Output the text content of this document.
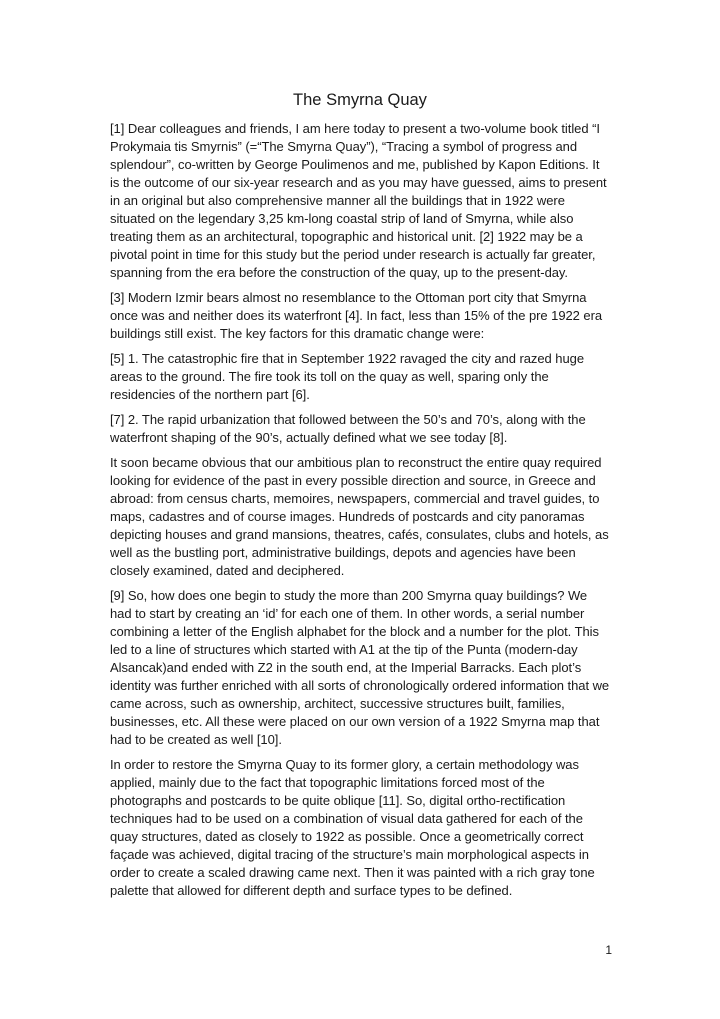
The Smyrna Quay

[1] Dear colleagues and friends, I am here today to present a two-volume book titled “I Prokymaia tis Smyrnis” (=“The Smyrna Quay”), “Tracing a symbol of progress and splendour”, co-written by George Poulimenos and me, published by Kapon Editions. It is the outcome of our six-year research and as you may have guessed, aims to present in an original but also comprehensive manner all the buildings that in 1922 were situated on the legendary 3,25 km-long coastal strip of land of Smyrna, while also treating them as an architectural, topographic and historical unit. [2] 1922 may be a pivotal point in time for this study but the period under research is actually far greater, spanning from the era before the construction of the quay, up to the present-day.

[3] Modern Izmir bears almost no resemblance to the Ottoman port city that Smyrna once was and neither does its waterfront [4]. In fact, less than 15% of the pre 1922 era buildings still exist. The key factors for this dramatic change were:

[5] 1. The catastrophic fire that in September 1922 ravaged the city and razed huge areas to the ground. The fire took its toll on the quay as well, sparing only the residencies of the northern part [6].

[7] 2. The rapid urbanization that followed between the 50’s and 70’s, along with the waterfront shaping of the 90’s, actually defined what we see today [8].

It soon became obvious that our ambitious plan to reconstruct the entire quay required looking for evidence of the past in every possible direction and source, in Greece and abroad: from census charts, memoires, newspapers, commercial and travel guides, to maps, cadastres and of course images. Hundreds of postcards and city panoramas depicting houses and grand mansions, theatres, cafés, consulates, clubs and hotels, as well as the bustling port, administrative buildings, depots and agencies have been closely examined, dated and deciphered.

[9] So, how does one begin to study the more than 200 Smyrna quay buildings? We had to start by creating an ‘id’ for each one of them. In other words, a serial number combining a letter of the English alphabet for the block and a number for the plot. This led to a line of structures which started with A1 at the tip of the Punta (modern-day Alsancak)and ended with Z2 in the south end, at the Imperial Barracks. Each plot’s identity was further enriched with all sorts of chronologically ordered information that we came across, such as ownership, architect, successive structures built, families, businesses, etc. All these were placed on our own version of a 1922 Smyrna map that had to be created as well [10].

In order to restore the Smyrna Quay to its former glory, a certain methodology was applied, mainly due to the fact that topographic limitations forced most of the photographs and postcards to be quite oblique [11]. So, digital ortho-rectification techniques had to be used on a combination of visual data gathered for each of the quay structures, dated as closely to 1922 as possible. Once a geometrically correct façade was achieved, digital tracing of the structure’s main morphological aspects in order to create a scaled drawing came next. Then it was painted with a rich gray tone palette that allowed for different depth and surface types to be defined.

1
